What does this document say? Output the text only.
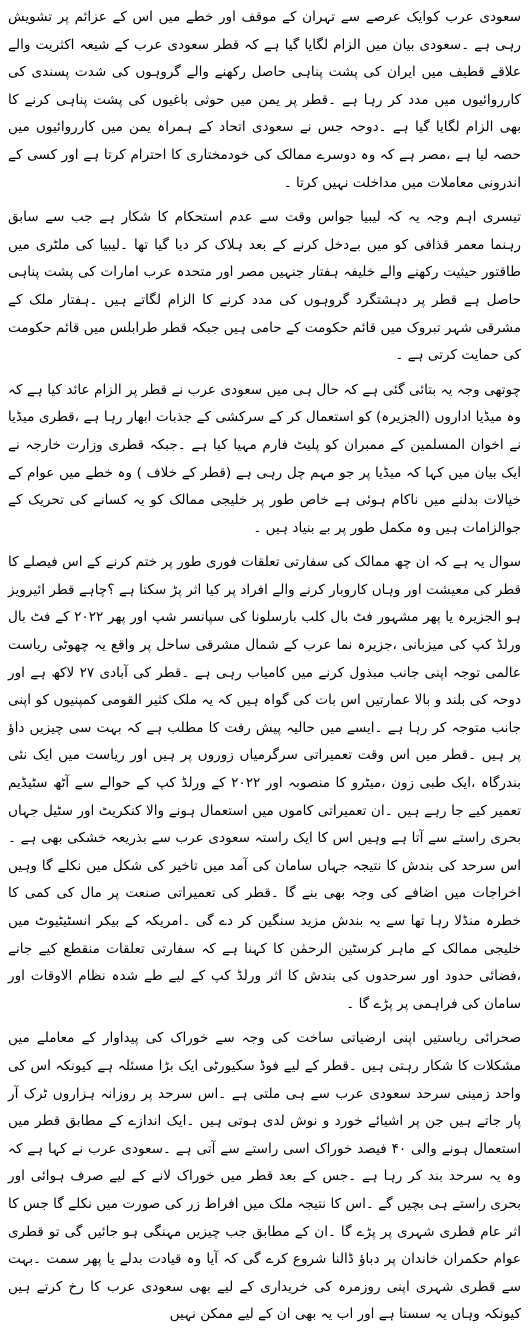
سعودی عرب کوایک عرصے سے تہران کے موقف اور خطے میں اس کے عزائم پر تشویش رہی ہے ۔سعودی بیان میں الزام لگایا گیا ہے کہ قطر سعودی عرب کے شیعہ اکثریت والے علاقے قطیف میں ایران کی پشت پناہی حاصل رکھنے والے گروہوں کی شدت پسندی کی کارروائیوں میں مدد کر رہا ہے ۔قطر پر یمن میں حوثی باغیوں کی پشت پناہی کرنے کا بھی الزام لگایا گیا ہے ۔دوحہ جس نے سعودی اتحاد کے ہمراہ یمن میں کارروائیوں میں حصہ لیا ہے ،مصر ہے کہ وہ دوسرے ممالک کی خودمختاری کا احترام کرتا ہے اور کسی کے اندرونی معاملات میں مداخلت نہیں کرتا ۔

تیسری اہم وجہ یہ کہ لیبیا جواس وقت سے عدم استحکام کا شکار ہے جب سے سابق رہنما معمر قذافی کو میں بےدخل کرنے کے بعد ہلاک کر دیا گیا تھا ۔لیبیا کی ملٹری میں طاقتور حیثیت رکھنے والے خلیفہ ہفتار جنہیں مصر اور متحدہ عرب امارات کی پشت پناہی حاصل ہے قطر پر دہشتگرد گروہوں کی مدد کرنے کا الزام لگاتے ہیں ۔ہفتار ملک کے مشرقی شہر تبروک میں قائم حکومت کے حامی ہیں جبکہ قطر طرابلس میں قائم حکومت کی حمایت کرتی ہے ۔

چوتھی وجہ یہ بتائی گئی ہے کہ حال ہی میں سعودی عرب نے قطر پر الزام عائد کیا ہے کہ وہ میڈیا اداروں (الجزیرہ) کو استعمال کر کے سرکشی کے جذبات ابھار رہا ہے ،قطری میڈیا نے اخوان المسلمین کے ممبران کو پلیٹ فارم مہیا کیا ہے ۔جبکہ قطری وزارت خارجہ نے ایک بیان میں کہا کہ میڈیا پر جو مہم چل رہی ہے (قطر کے خلاف ) وہ خطے میں عوام کے خیالات بدلنے میں ناکام ہوئی ہے خاص طور پر خلیجی ممالک کو یہ کسانے کی تحریک کے جوالزامات ہیں وہ مکمل طور پر بے بنیاد ہیں ۔

سوال یہ ہے کہ ان چھ ممالک کی سفارتی تعلقات فوری طور پر ختم کرنے کے اس فیصلے کا قطر کی معیشت اور وہاں کاروبار کرنے والے افراد پر کیا اثر پڑ سکتا ہے ؟چاہے قطر ائیرویز ہو الجزیرہ یا پھر مشہور فٹ بال کلب بارسلونا کی سپانسر شپ اور پھر ۲۰۲۲ کے فٹ بال ورلڈ کپ کی میزبانی ،جزیرہ نما عرب کے شمال مشرقی ساحل پر واقع یہ چھوٹی ریاست عالمی توجہ اپنی جانب مبذول کرنے میں کامیاب رہی ہے ۔قطر کی آبادی ۲۷ لاکھ ہے اور دوحہ کی بلند و بالا عمارتیں اس بات کی گواہ ہیں کہ یہ ملک کثیر القومی کمپنیوں کو اپنی جانب متوجہ کر رہا ہے ۔ایسے میں حالیہ پیش رفت کا مطلب ہے کہ بہت سی چیزیں داؤ پر ہیں ۔قطر میں اس وقت تعمیراتی سرگرمیاں زوروں پر ہیں اور ریاست میں ایک نئی بندرگاہ ،ایک طبی زون ،میٹرو کا منصوبہ اور ۲۰۲۲ کے ورلڈ کپ کے حوالے سے آٹھ سٹیڈیم تعمیر کیے جا رہے ہیں ۔ان تعمیراتی کاموں میں استعمال ہونے والا کنکریٹ اور سٹیل جہاں بحری راستے سے آتا ہے وہیں اس کا ایک راستہ سعودی عرب سے بذریعہ خشکی بھی ہے ۔اس سرحد کی بندش کا نتیجہ جہاں سامان کی آمد میں تاخیر کی شکل میں نکلے گا وہیں اخراجات میں اضافے کی وجہ بھی بنے گا ۔قطر کی تعمیراتی صنعت پر مال کی کمی کا خطرہ منڈلا رہا تھا سے یہ بندش مزید سنگین کر دے گی ۔امریکہ کے بیکر انسٹیٹیوٹ میں خلیجی ممالک کے ماہر کرسٹین الرحمٰن کا کہنا ہے کہ سفارتی تعلقات منقطع کیے جانے ،فضائی حدود اور سرحدوں کی بندش کا اثر ورلڈ کپ کے لیے طے شدہ نظام الاوقات اور سامان کی فراہمی پر پڑے گا ۔

صحرائی ریاستیں اپنی ارضیاتی ساخت کی وجہ سے خوراک کی پیداوار کے معاملے میں مشکلات کا شکار رہتی ہیں ۔قطر کے لیے فوڈ سکیورٹی ایک بڑا مسئلہ ہے کیونکہ اس کی واحد زمینی سرحد سعودی عرب سے ہی ملتی ہے ۔اس سرحد پر روزانہ ہزاروں ٹرک آر پار جاتے ہیں جن پر اشیائے خورد و نوش لدی ہوتی ہیں ۔ایک اندازے کے مطابق قطر میں استعمال ہونے والی ۴۰ فیصد خوراک اسی راستے سے آتی ہے ۔سعودی عرب نے کہا ہے کہ وہ یہ سرحد بند کر رہا ہے ۔جس کے بعد قطر میں خوراک لانے کے لیے صرف ہوائی اور بحری راستے ہی بچیں گے ۔اس کا نتیجہ ملک میں افراط زر کی صورت میں نکلے گا جس کا اثر عام قطری شہری پر پڑے گا ۔ان کے مطابق جب چیزیں مہنگی ہو جائیں گی تو قطری عوام حکمران خاندان پر دباؤ ڈالنا شروع کرے گی کہ آیا وہ قیادت بدلے یا پھر سمت ۔بہت سے قطری شہری اپنی روزمرہ کی خریداری کے لیے بھی سعودی عرب کا رخ کرتے ہیں کیونکہ وہاں یہ سستا ہے اور اب یہ بھی ان کے لیے ممکن نہیں
